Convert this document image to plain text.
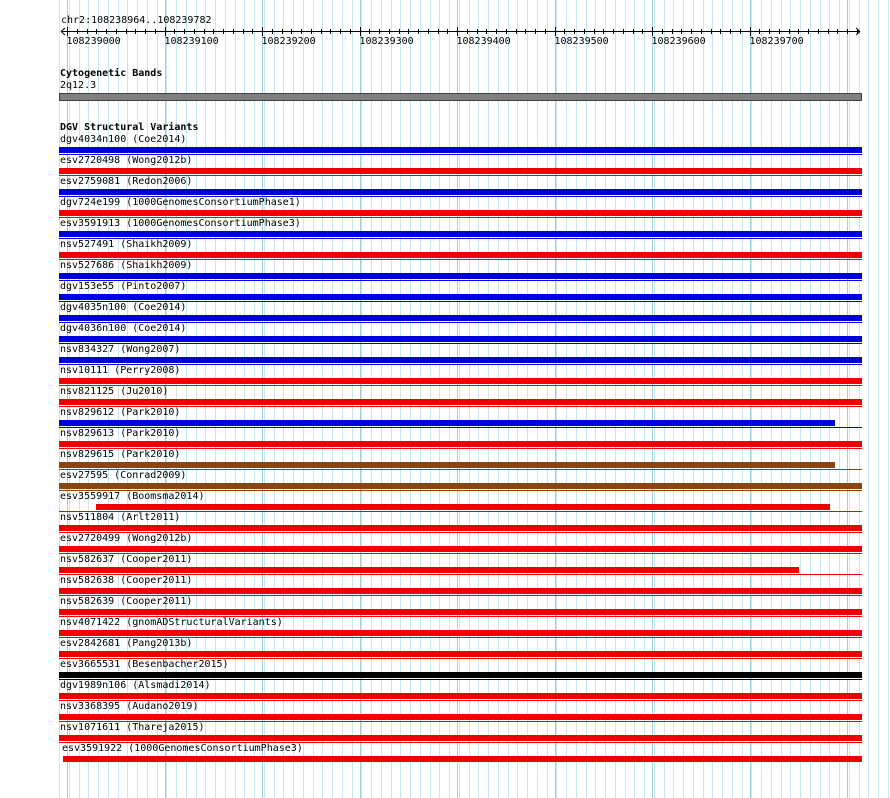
chr2:108238964..108239782
108239000	108239100	108239200	108239300	108239400	108239500	108239600	108239700
Cytogenetic Bands
2q12.3
DGV Structural Variants
dgv4034n100 (Coe2014)
esv2720498 (Wong2012b)
esv2759081 (Redon2006)
dgv724e199 (1000GenomesConsortiumPhase1)
esv3591913 (1000GenomesConsortiumPhase3)
nsv527491 (Shaikh2009)
nsv527686 (Shaikh2009)
dgv153e55 (Pinto2007)
dgv4035n100 (Coe2014)
dgv4036n100 (Coe2014)
nsv834327 (Wong2007)
nsv10111 (Perry2008)
nsv821125 (Ju2010)
nsv829612 (Park2010)
nsv829613 (Park2010)
nsv829615 (Park2010)
esv27595 (Conrad2009)
esv3559917 (Boomsma2014)
nsv511804 (Arlt2011)
esv2720499 (Wong2012b)
nsv582637 (Cooper2011)
nsv582638 (Cooper2011)
nsv582639 (Cooper2011)
nsv4071422 (gnomADStructuralVariants)
esv2842681 (Pang2013b)
esv3665531 (Besenbacher2015)
dgv1989n106 (Alsmadi2014)
nsv3368395 (Audano2019)
nsv1071611 (Thareja2015)
esv3591922 (1000GenomesConsortiumPhase3)
